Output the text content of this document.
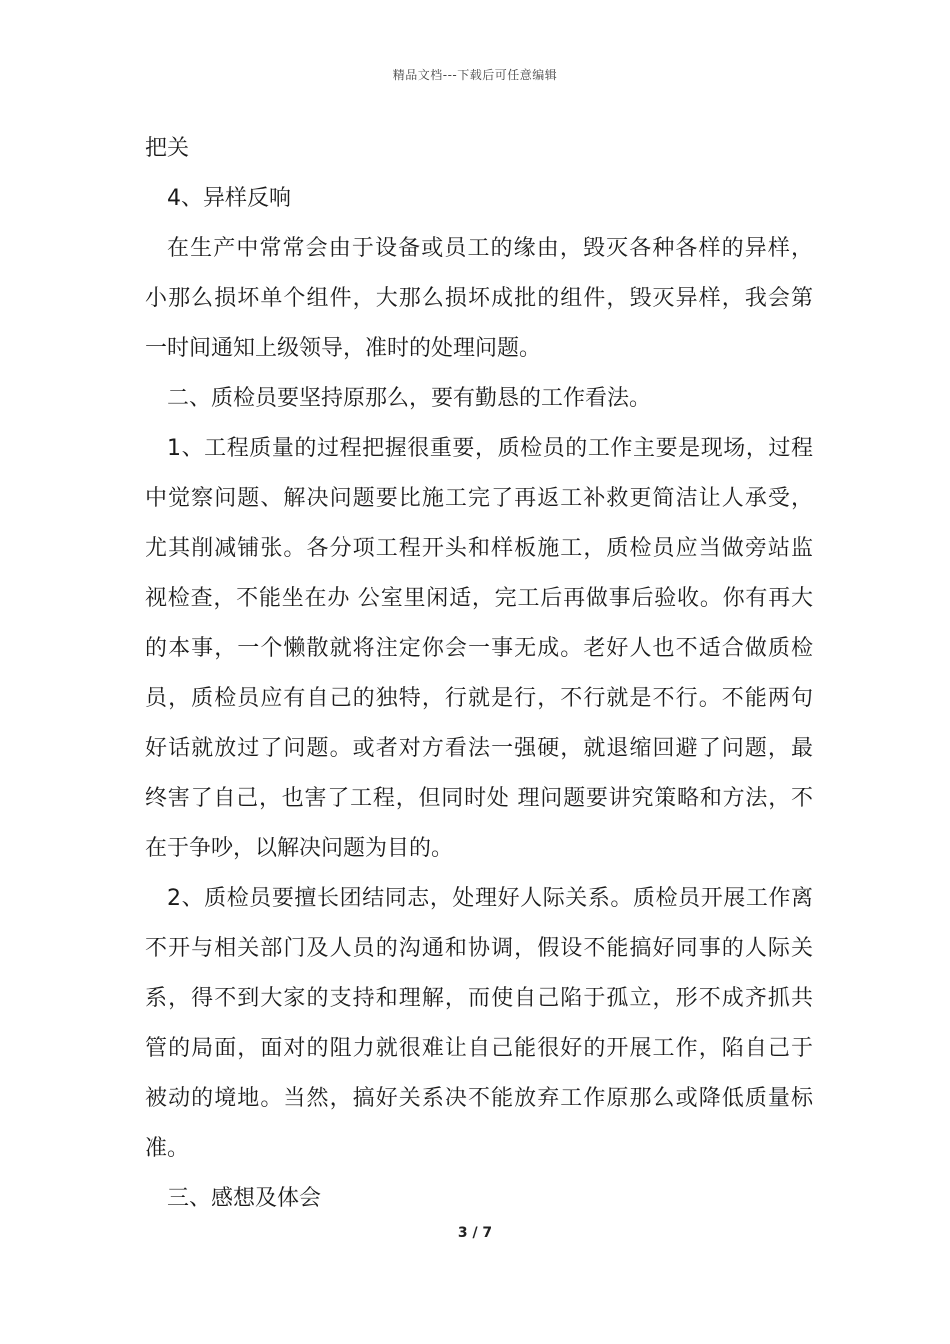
精品文档---下载后可任意编辑
把关
4、异样反响
在生产中常常会由于设备或员工的缘由，毁灭各种各样的异样，
小那么损坏单个组件，大那么损坏成批的组件，毁灭异样，我会第
一时间通知上级领导，准时的处理问题。
二、质检员要坚持原那么，要有勤恳的工作看法。
1、工程质量的过程把握很重要，质检员的工作主要是现场，过程
中觉察问题、解决问题要比施工完了再返工补救更简洁让人承受，
尤其削减铺张。各分项工程开头和样板施工，质检员应当做旁站监
视检查，不能坐在办 公室里闲适，完工后再做事后验收。你有再大
的本事，一个懒散就将注定你会一事无成。老好人也不适合做质检
员，质检员应有自己的独特，行就是行，不行就是不行。不能两句
好话就放过了问题。或者对方看法一强硬，就退缩回避了问题，最
终害了自己，也害了工程，但同时处 理问题要讲究策略和方法，不
在于争吵，以解决问题为目的。
2、质检员要擅长团结同志，处理好人际关系。质检员开展工作离
不开与相关部门及人员的沟通和协调，假设不能搞好同事的人际关
系，得不到大家的支持和理解，而使自己陷于孤立，形不成齐抓共
管的局面，面对的阻力就很难让自己能很好的开展工作，陷自己于
被动的境地。当然，搞好关系决不能放弃工作原那么或降低质量标
准。
三、感想及体会
3 / 7
